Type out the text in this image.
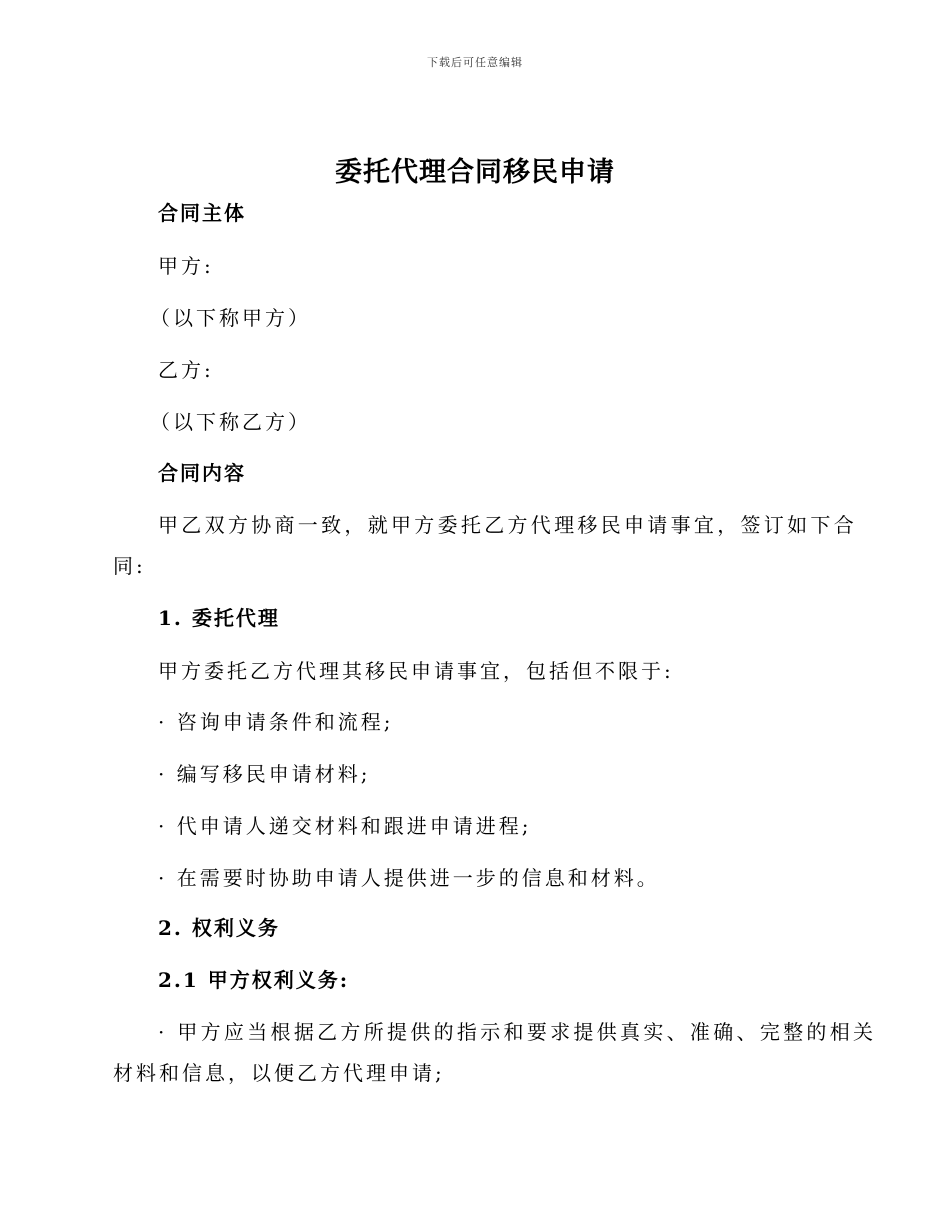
下载后可任意编辑
委托代理合同移民申请
合同主体
甲方:
（以下称甲方）
乙方:
（以下称乙方）
合同内容
甲乙双方协商一致，就甲方委托乙方代理移民申请事宜，签订如下合
同:
1. 委托代理
甲方委托乙方代理其移民申请事宜，包括但不限于:
· 咨询申请条件和流程;
· 编写移民申请材料;
· 代申请人递交材料和跟进申请进程;
· 在需要时协助申请人提供进一步的信息和材料。
2. 权利义务
2.1 甲方权利义务:
· 甲方应当根据乙方所提供的指示和要求提供真实、准确、完整的相关
材料和信息，以便乙方代理申请;
